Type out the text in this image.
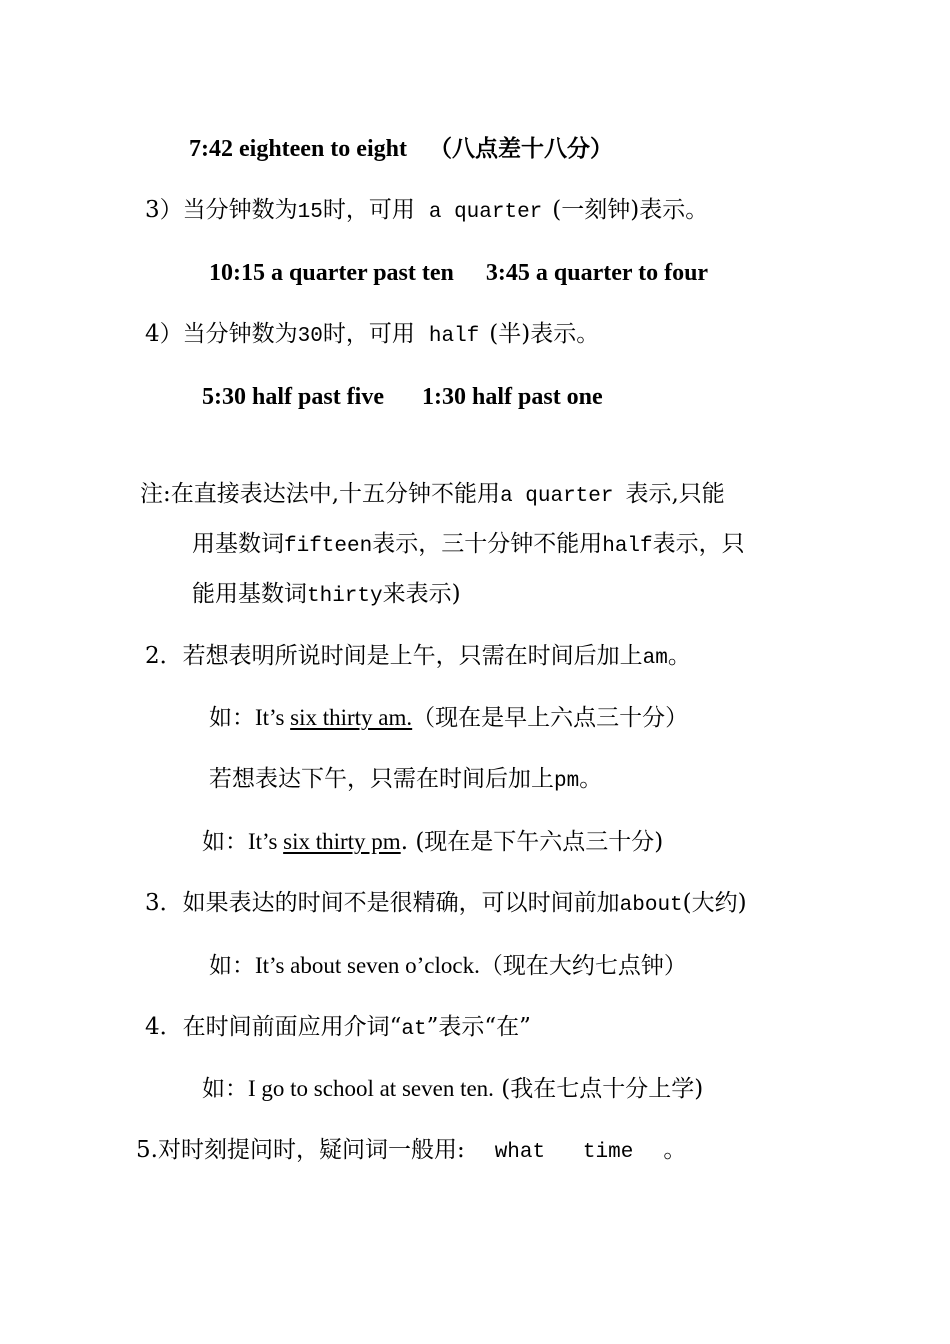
7:42 eighteen to eight （八点差十八分）
3）当分钟数为15时，可用 a quarter (一刻钟)表示。
10:15 a quarter past ten 3:45 a quarter to four
4）当分钟数为30时，可用 half (半)表示。
5:30 half past five 1:30 half past one
注:在直接表达法中,十五分钟不能用a quarter 表示,只能
用基数词fifteen表示，三十分钟不能用half表示，只
能用基数词thirty来表示)
2．若想表明所说时间是上午，只需在时间后加上am。
如：It’s six thirty am.（现在是早上六点三十分）
若想表达下午，只需在时间后加上pm。
如：It’s six thirty pm. (现在是下午六点三十分)
3．如果表达的时间不是很精确，可以时间前加about(大约)
如：It’s about seven o’clock.（现在大约七点钟）
4．在时间前面应用介词“at”表示“在”
如：I go to school at seven ten. (我在七点十分上学)
5.对时刻提问时，疑问词一般用: what   time 。
